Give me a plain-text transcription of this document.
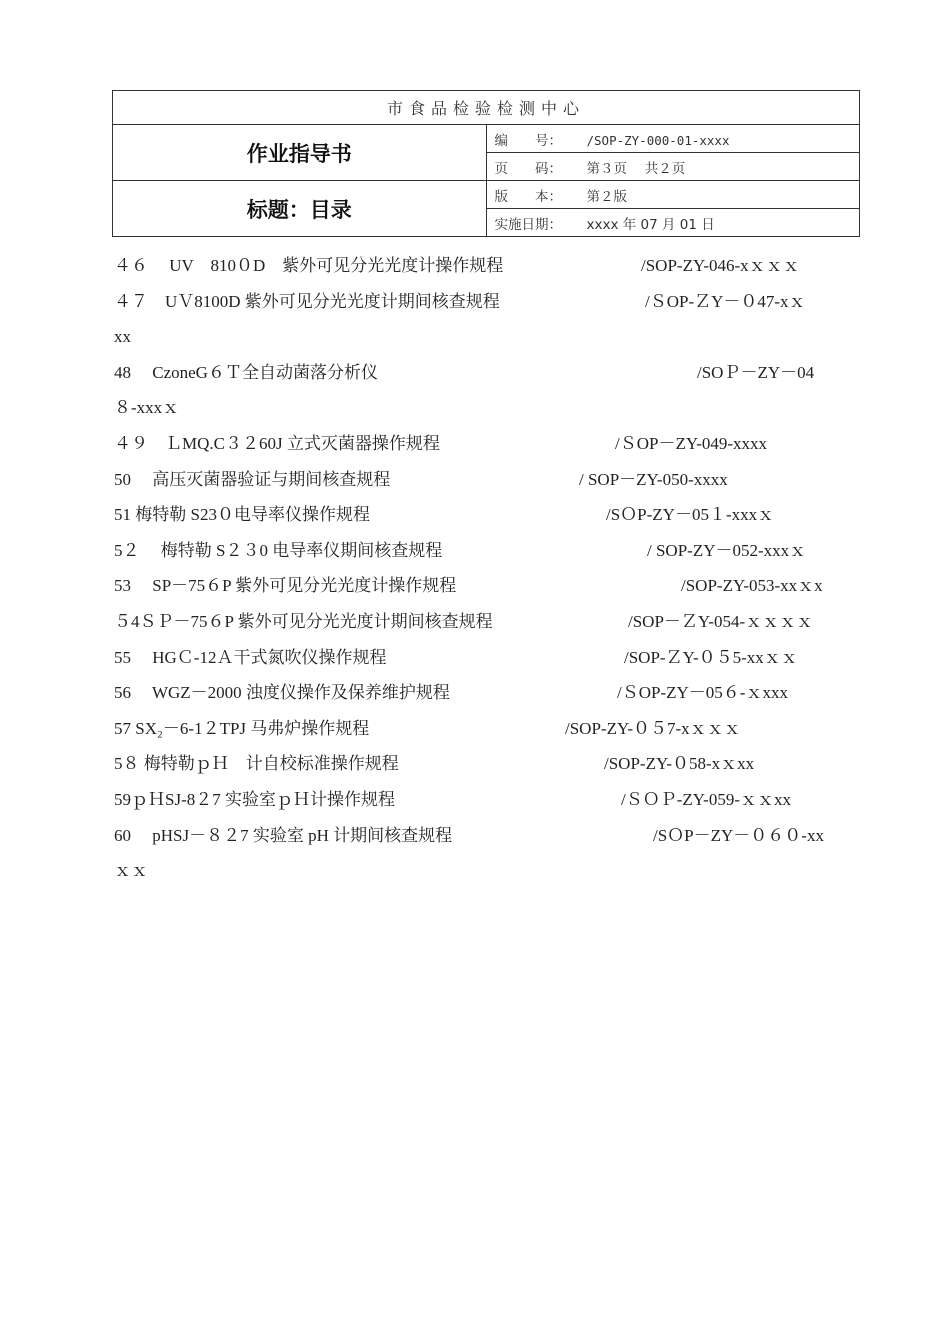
市食品检验检测中心	
作业指导书	编　　号： /SOP-ZY-000-01-xxxx
	页　　码： 第３页　 共２页
标题：目录	版　　本： 第２版
	实施日期： xxxx 年 07 月 01 日
４６　 UV　810０D　紫外可见分光光度计操作规程	/SOP-ZY-046-xｘｘｘ
４７　UＶ8100D 紫外可见分光光度计期间核查规程	/ＳOP-ＺY－０47-xｘ
xx
48　 CzoneG６Ｔ全自动菌落分析仪	/SOＰ－ZY－04
８-xxxｘ
４９　ＬMQ.C３２60J 立式灭菌器操作规程	/ＳOP－ZY-049-xxxx
50　 高压灭菌器验证与期间核查规程	/ SOP－ZY-050-xxxx
51 梅特勒 S23０电导率仪操作规程	/SＯP-ZY－05１-xxxｘ
5２　 梅特勒 S２３0 电导率仪期间核查规程	/ SOP-ZY－052-xxxｘ
53　 SP－75６P 紫外可见分光光度计操作规程	/SOP-ZY-053-xxｘx
５4ＳＰ－75６P 紫外可见分光光度计期间核查规程	/SOP－ＺY-054-ｘｘｘｘ
55　 HGＣ-12Ａ干式氮吹仪操作规程	/SOP-ＺY-０５5-xxｘｘ
56　 WGZ－2000 浊度仪操作及保养维护规程	/ＳOP-ZY－05６-ｘxxx
57 SX₂－6-1２TPJ 马弗炉操作规程	/SOP-ZY-０５7-xｘｘｘ
5８ 梅特勒ｐＨ　计自校标准操作规程	/SOP-ZY-０58-xｘxx
59ｐＨSJ-8２7 实验室ｐＨ计操作规程	/ＳＯＰ-ZY-059-ｘｘxx
60　 pHSJ－８２7 实验室 pH 计期间核查规程	/SＯP－ZY－０６０-xx
ｘｘ
